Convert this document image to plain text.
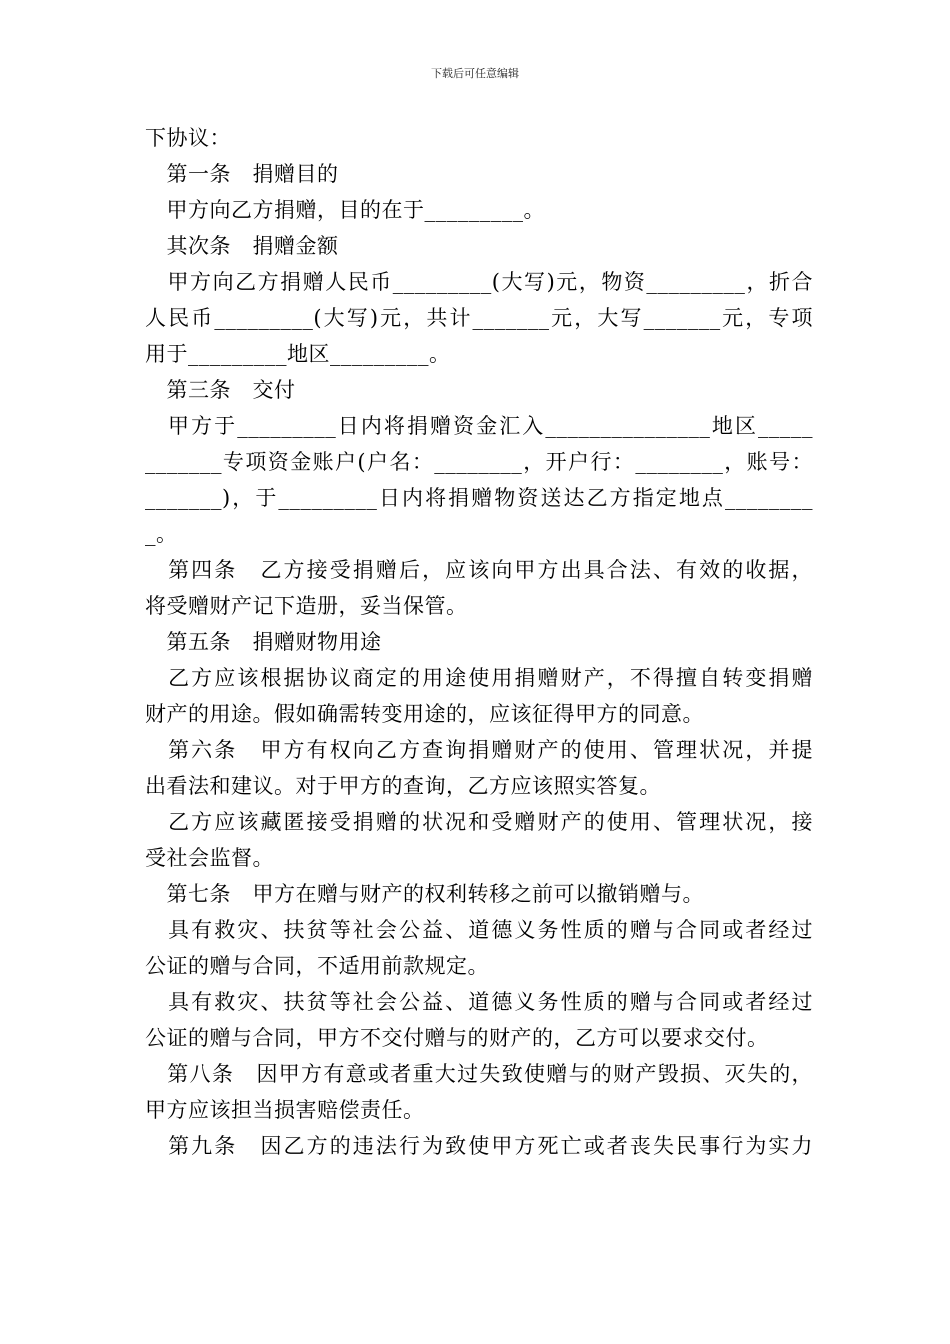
下载后可任意编辑
下协议：
　第一条　捐赠目的
　甲方向乙方捐赠，目的在于_________。
　其次条　捐赠金额
　甲方向乙方捐赠人民币_________(大写)元，物资_________，折合
人民币_________(大写)元，共计_______元，大写_______元，专项
用于_________地区_________。
　第三条　交付
　甲方于_________日内将捐赠资金汇入_______________地区_____
_______专项资金账户(户名：________，开户行：________，账号：
_______)，于_________日内将捐赠物资送达乙方指定地点________
_。
　第四条　乙方接受捐赠后，应该向甲方出具合法、有效的收据，
将受赠财产记下造册，妥当保管。
　第五条　捐赠财物用途
　乙方应该根据协议商定的用途使用捐赠财产，不得擅自转变捐赠
财产的用途。假如确需转变用途的，应该征得甲方的同意。
　第六条　甲方有权向乙方查询捐赠财产的使用、管理状况，并提
出看法和建议。对于甲方的查询，乙方应该照实答复。
　乙方应该藏匿接受捐赠的状况和受赠财产的使用、管理状况，接
受社会监督。
　第七条　甲方在赠与财产的权利转移之前可以撤销赠与。
　具有救灾、扶贫等社会公益、道德义务性质的赠与合同或者经过
公证的赠与合同，不适用前款规定。
　具有救灾、扶贫等社会公益、道德义务性质的赠与合同或者经过
公证的赠与合同，甲方不交付赠与的财产的，乙方可以要求交付。
　第八条　因甲方有意或者重大过失致使赠与的财产毁损、灭失的，
甲方应该担当损害赔偿责任。
　第九条　因乙方的违法行为致使甲方死亡或者丧失民事行为实力
